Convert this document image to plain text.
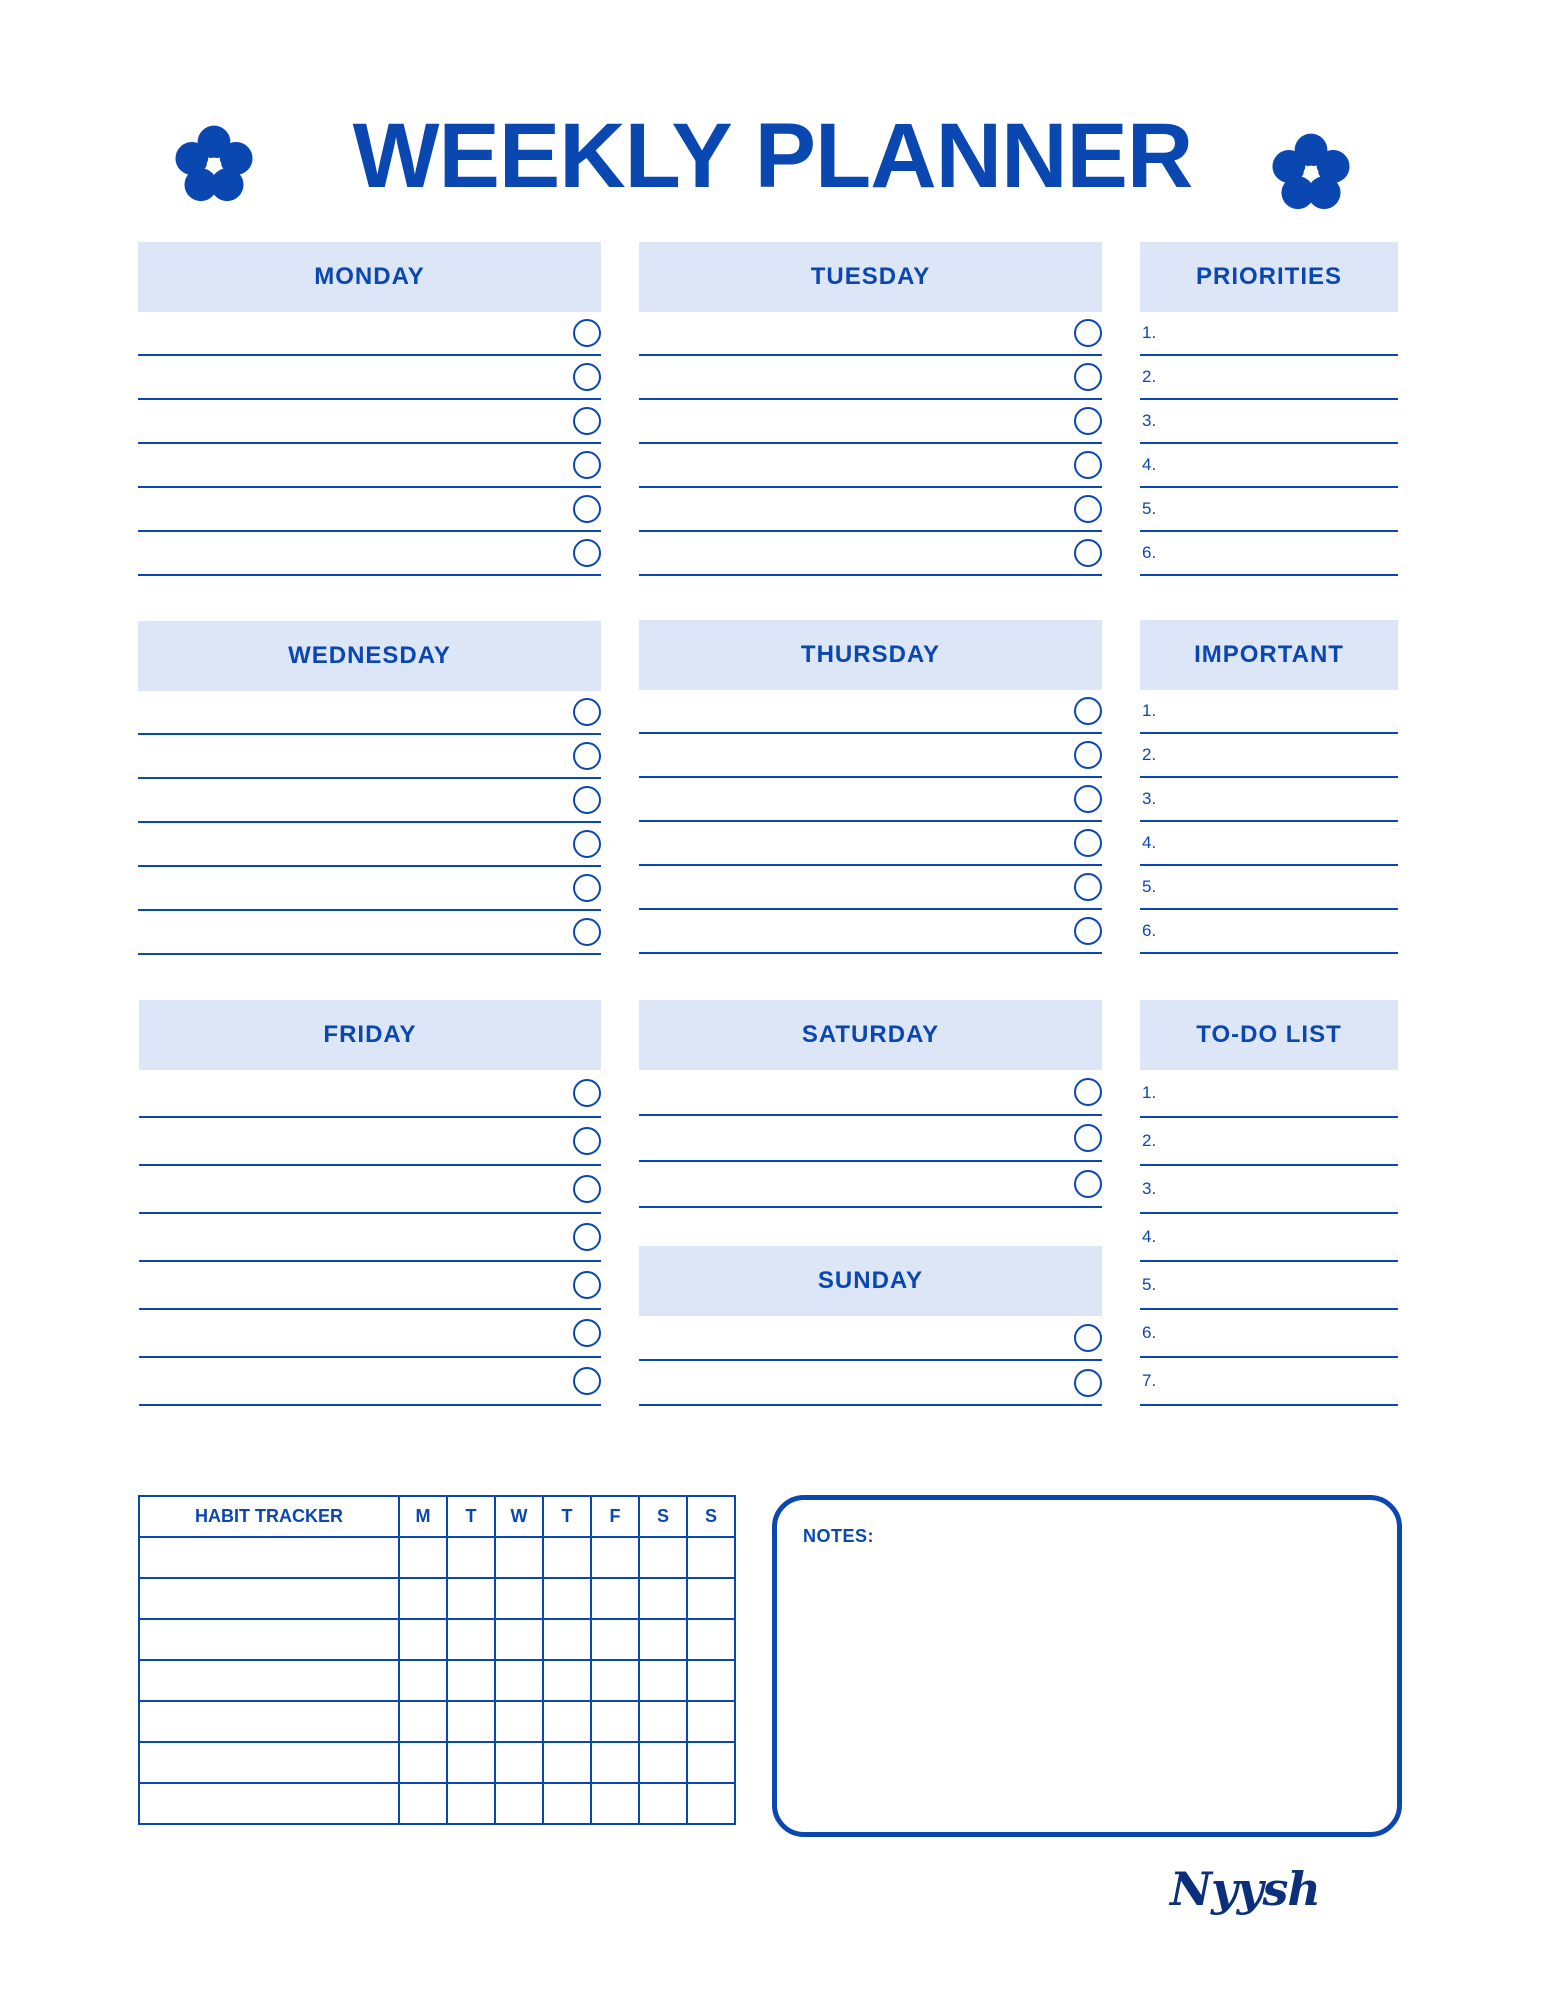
WEEKLY PLANNER
MONDAY	TUESDAY	PRIORITIES
1.
2.
3.
4.
5.
6.
WEDNESDAY	THURSDAY	IMPORTANT
1.
2.
3.
4.
5.
6.
FRIDAY	SATURDAY
SUNDAY
TO-DO LIST
1.
2.
3.
4.
5.
6.
7.
HABIT TRACKER	M	T	W	T	F	S	S

NOTES:
Nyysh
